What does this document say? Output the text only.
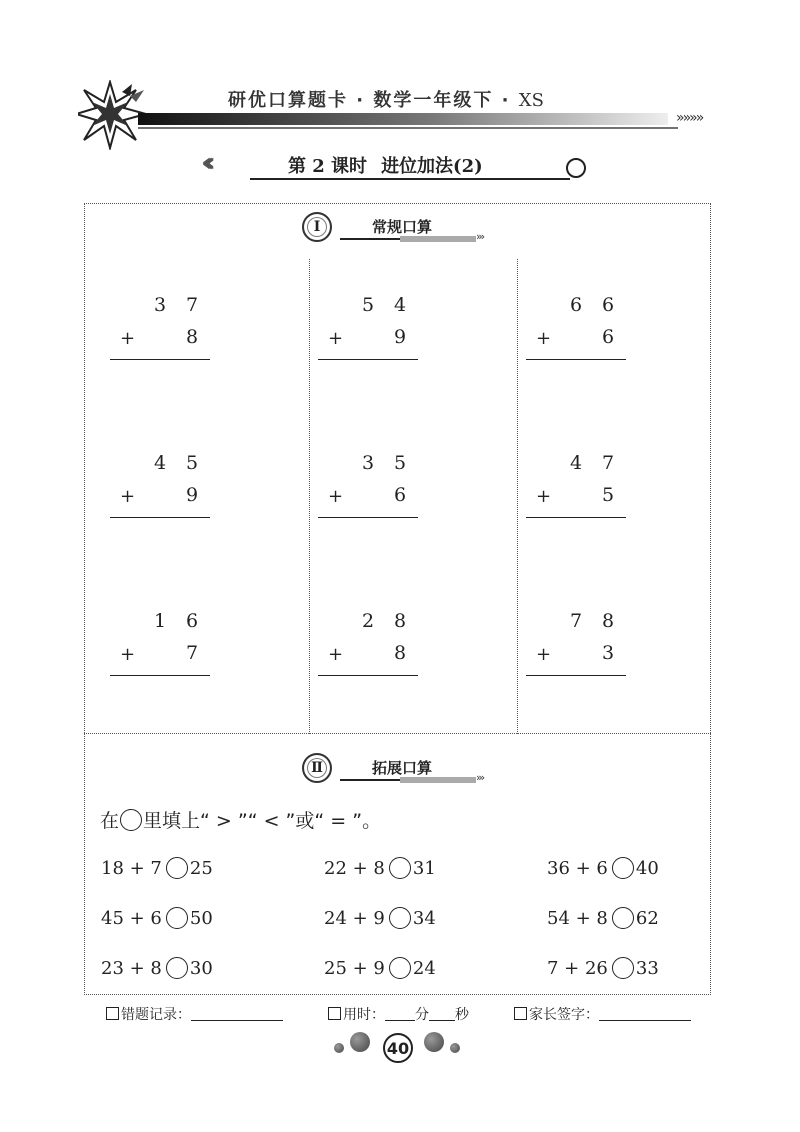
研优口算题卡 · 数学一年级下 · XS
»»»»
第 2 课时 进位加法(2)
Ⅰ	常规口算
›››
3 7
+	8
5 4
+	9
6 6
+	6
4 5
+	9
3 5
+	6
4 7
+	5
1 6
+	7
2 8
+	8
7 8
+	3
Ⅱ	拓展口算
›››
在 里填上“ > ”“ < ”或“ = ”。
18 + 7 25	22 + 8 31	36 + 6 40
45 + 6 50	24 + 9 34	54 + 8 62
23 + 8 30	25 + 9 24	7 + 26 33
错题记录：	用时： 分 秒	家长签字：
40
